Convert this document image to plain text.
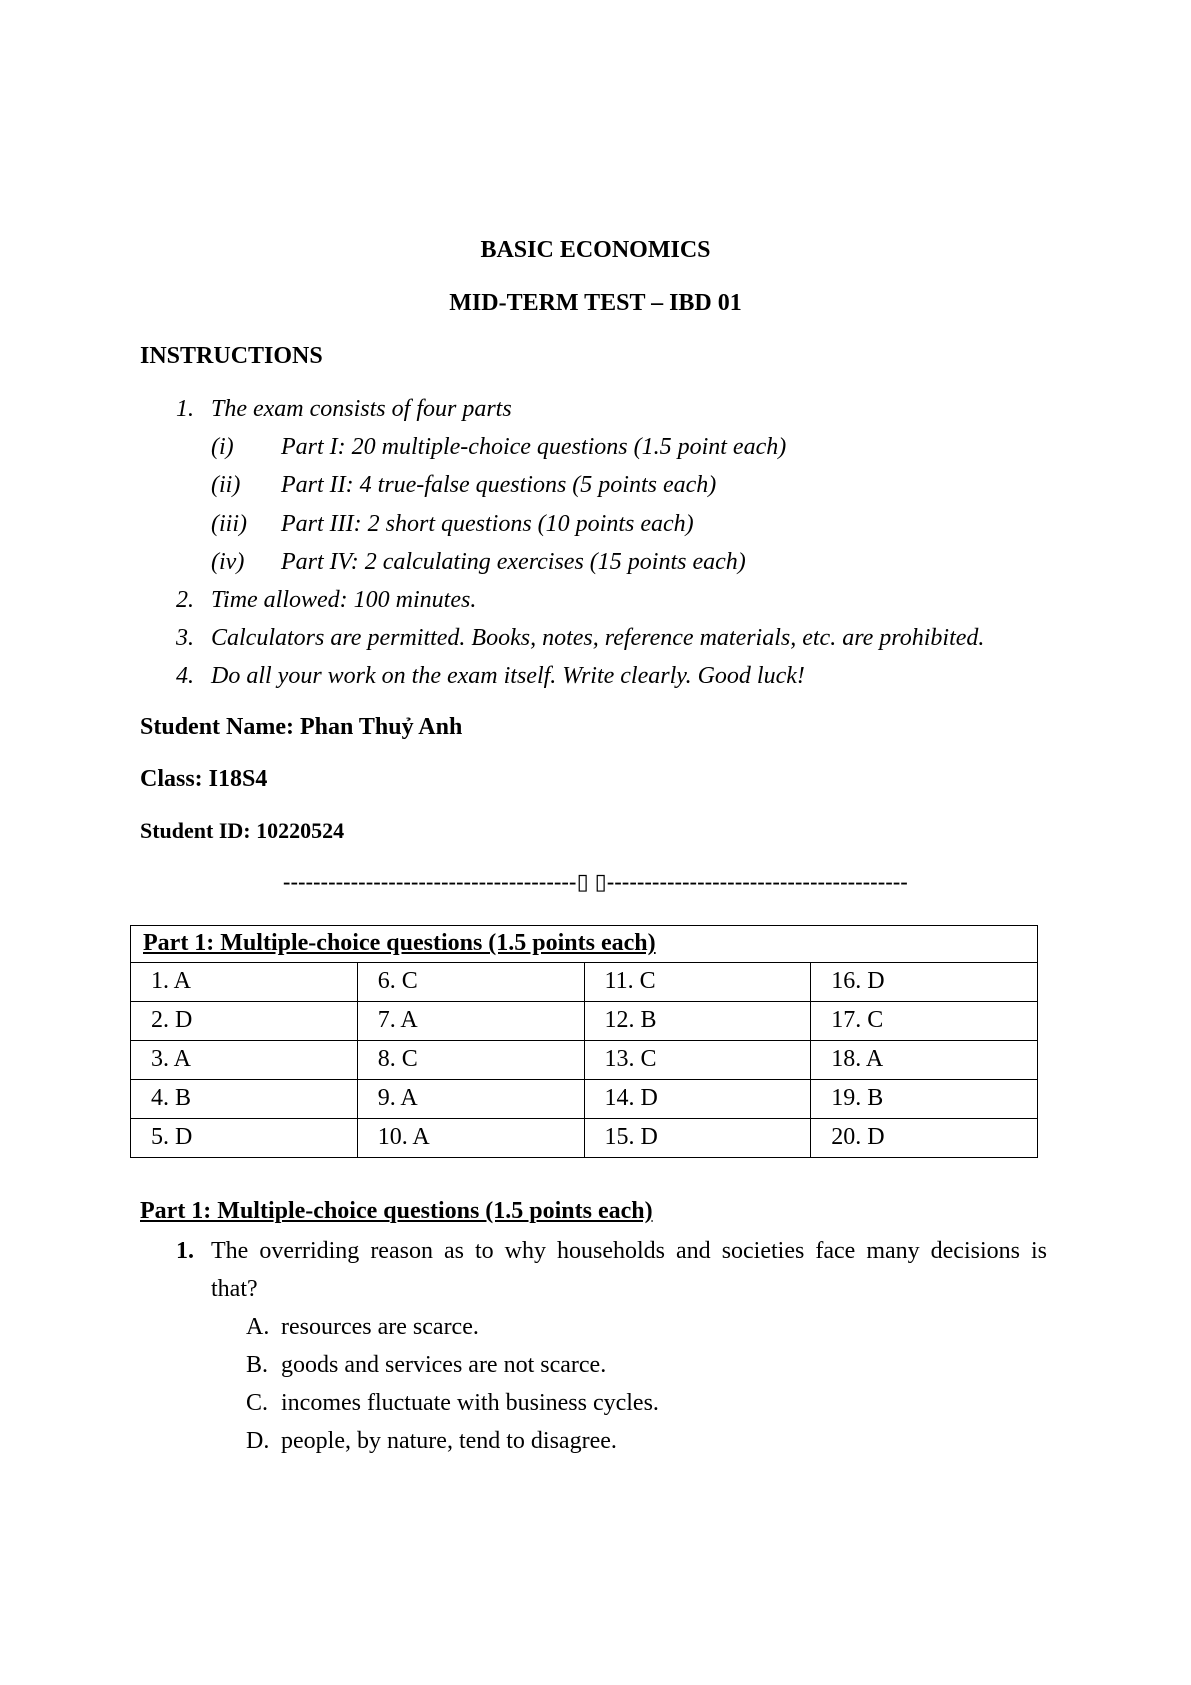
BASIC ECONOMICS
MID-TERM TEST – IBD 01
INSTRUCTIONS
1. The exam consists of four parts
(i) Part I: 20 multiple-choice questions (1.5 point each)
(ii) Part II: 4 true-false questions (5 points each)
(iii) Part III: 2 short questions (10 points each)
(iv) Part IV: 2 calculating exercises (15 points each)
2. Time allowed: 100 minutes.
3. Calculators are permitted. Books, notes, reference materials, etc. are prohibited.
4. Do all your work on the exam itself. Write clearly. Good luck!
Student Name: Phan Thuỷ Anh
Class: I18S4
Student ID: 10220524
---------------------------------------▯ ▯----------------------------------------
Part 1: Multiple-choice questions (1.5 points each)			
1. A	6. C	11. C	16. D
2. D	7. A	12. B	17. C
3. A	8. C	13. C	18. A
4. B	9. A	14. D	19. B
5. D	10. A	15. D	20. D
Part 1: Multiple-choice questions (1.5 points each)
1. The overriding reason as to why households and societies face many decisions is
that?
A. resources are scarce.
B. goods and services are not scarce.
C. incomes fluctuate with business cycles.
D. people, by nature, tend to disagree.
